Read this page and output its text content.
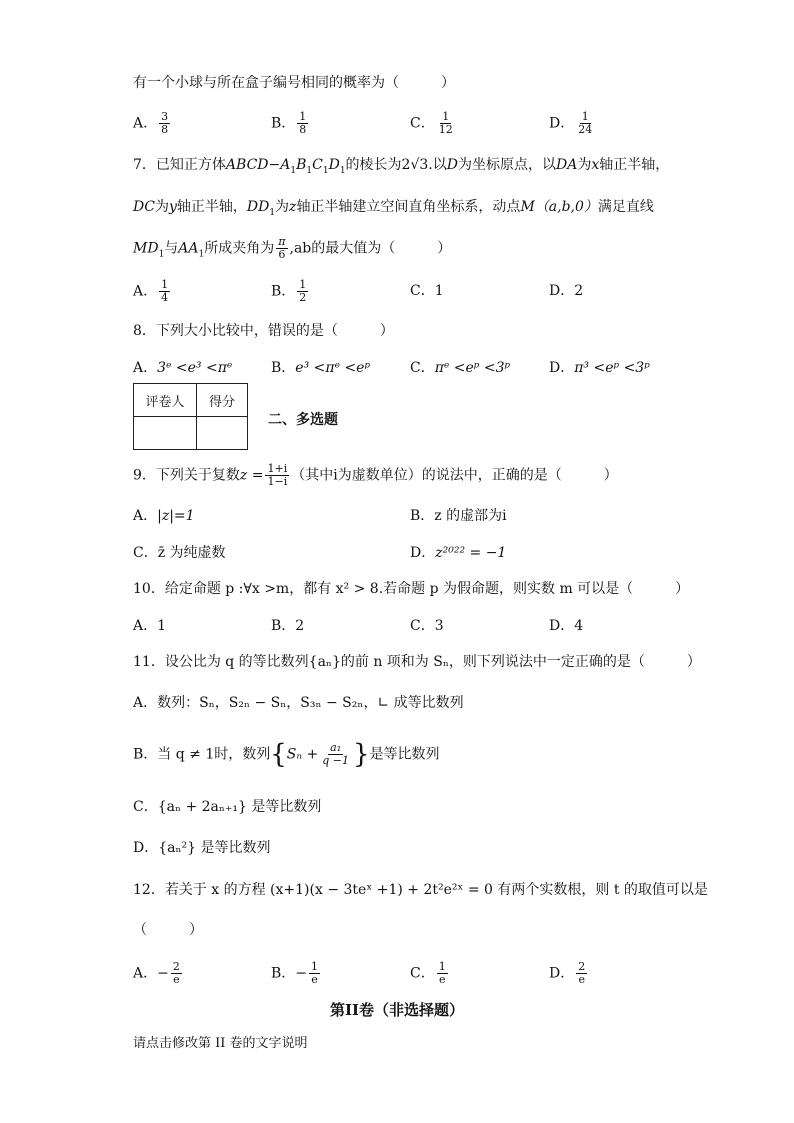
有一个小球与所在盒子编号相同的概率为（　　　）
A． $\frac{3}{8}$	B． $\frac{1}{8}$	C． $\frac{1}{12}$	D． $\frac{1}{24}$
7．已知正方体$ABCD-A_1B_1C_1D_1$的棱长为2√3.以D为坐标原点，以DA为x轴正半轴，
DC为y轴正半轴，$DD_1$为z轴正半轴建立空间直角坐标系，动点M（a,b,0）满足直线
$MD_1$与$AA_1$所成夹角为 $\frac{\pi}{6} ,ab$的最大值为（　　　）
A． $\frac{1}{4}$	B． $\frac{1}{2}$	C．1	D．2
8．下列大小比较中，错误的是（　　　）
A．3ᵉ <e³ <πᵉ	B．e³ <πᵉ <eᵖ	C．πᵉ <eᵖ <3ᵖ	D．π³ <eᵖ <3ᵖ
评卷人	得分

二、多选题
9．下列关于复数$z = \frac{1+i}{1-i}$ （其中i为虚数单位）的说法中，正确的是（　　　）
A．|z|=1	B．z 的虚部为i
C．z̄ 为纯虚数	D．z²⁰²² = −1
10．给定命题 p :∀x >m，都有 x² > 8.若命题 p 为假命题，则实数 m 可以是（　　　）
A．1	B．2	C．3	D．4
11．设公比为 q 的等比数列{aₙ}的前 n 项和为 Sₙ，则下列说法中一定正确的是（　　　）
A．数列：Sₙ，S₂ₙ − Sₙ，S₃ₙ − S₂ₙ，∟ 成等比数列
B．当 q ≠ 1时，数列{$S_n + \frac{\text{a₁}}{q -1}$ }是等比数列
C．{aₙ + 2aₙ₊₁} 是等比数列
D．{aₙ²} 是等比数列
12．若关于 x 的方程 (x+1)(x − 3teˣ +1) + 2t²e²ˣ = 0 有两个实数根，则 t 的取值可以是
（　　　）
A．− $\frac{2}{e}$	B．− $\frac{1}{e}$	C． $\frac{1}{e}$	D． $\frac{2}{e}$
第II卷（非选择题）
请点击修改第 II 卷的文字说明
